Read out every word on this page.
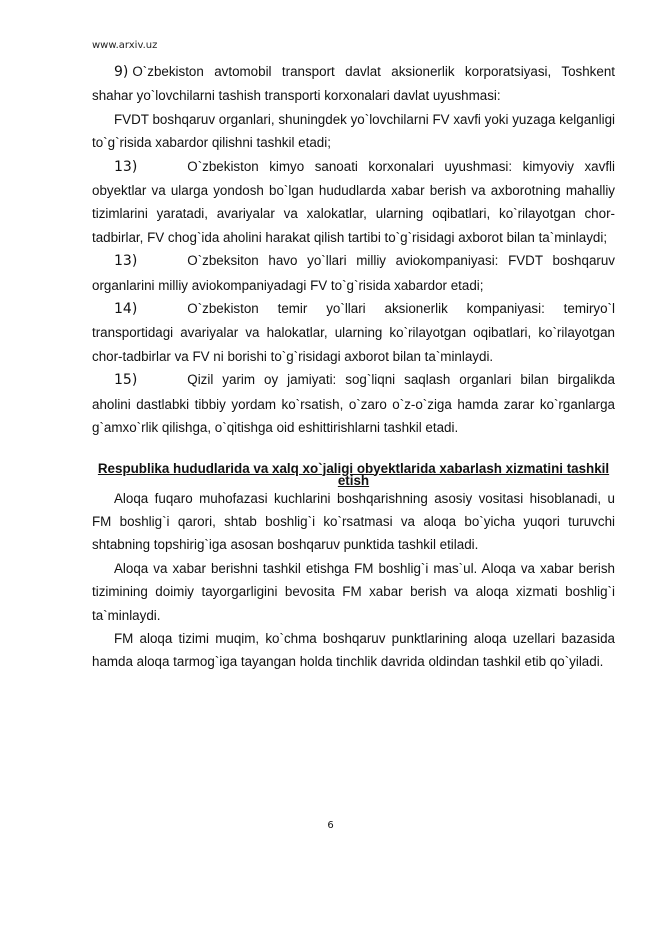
www.arxiv.uz

9) O`zbekiston avtomobil transport davlat aksionerlik korporatsiyasi, Toshkent shahar yo`lovchilarni tashish transporti korxonalari davlat uyushmasi:

FVDT boshqaruv organlari, shuningdek yo`lovchilarni FV xavfi yoki yuzaga kelganligi to`g`risida xabardor qilishni tashkil etadi;

13)	O`zbekiston kimyo sanoati korxonalari uyushmasi: kimyoviy xavfli obyektlar va ularga yondosh bo`lgan hududlarda xabar berish va axborotning mahalliy tizimlarini yaratadi, avariyalar va xalokatlar, ularning oqibatlari, ko`rilayotgan chor-tadbirlar, FV chog`ida aholini harakat qilish tartibi to`g`risidagi axborot bilan ta`minlaydi;

13)	O`zbeksiton havo yo`llari milliy aviokompaniyasi: FVDT boshqaruv organlarini milliy aviokompaniyadagi FV to`g`risida xabardor etadi;

14)	O`zbekiston temir yo`llari aksionerlik kompaniyasi: temiryo`l transportidagi avariyalar va halokatlar, ularning ko`rilayotgan oqibatlari, ko`rilayotgan chor-tadbirlar va FV ni borishi to`g`risidagi axborot bilan ta`minlaydi.

15)	Qizil yarim oy jamiyati: sog`liqni saqlash organlari bilan birgalikda aholini dastlabki tibbiy yordam ko`rsatish, o`zaro o`z-o`ziga hamda zarar ko`rganlarga g`amxo`rlik qilishga, o`qitishga oid eshittirishlarni tashkil etadi.

Respublika hududlarida va xalq xo`jaligi obyektlarida xabarlash xizmatini tashkil etish

Aloqa fuqaro muhofazasi kuchlarini boshqarishning asosiy vositasi hisoblanadi, u FM boshlig`i qarori, shtab boshlig`i ko`rsatmasi va aloqa bo`yicha yuqori turuvchi shtabning topshirig`iga asosan boshqaruv punktida tashkil etiladi.

Aloqa va xabar berishni tashkil etishga FM boshlig`i mas`ul. Aloqa va xabar berish tizimining doimiy tayorgarligini bevosita FM xabar berish va aloqa xizmati boshlig`i ta`minlaydi.

FM aloqa tizimi muqim, ko`chma boshqaruv punktlarining aloqa uzellari bazasida hamda aloqa tarmog`iga tayangan holda tinchlik davrida oldindan tashkil etib qo`yiladi.

6
